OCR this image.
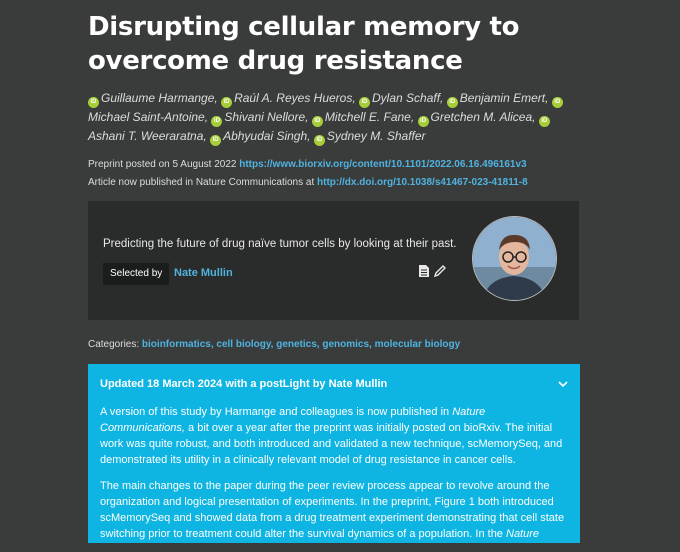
Disrupting cellular memory to overcome drug resistance
iD Guillaume Harmange, iD Raúl A. Reyes Hueros, iD Dylan Schaff, iD Benjamin Emert, iDMichael Saint-Antoine, iD Shivani Nellore, iD Mitchell E. Fane, iD Gretchen M. Alicea, iDAshani T. Weeraratna, iD Abhyudai Singh, iD Sydney M. Shaffer
Preprint posted on 5 August 2022 https://www.biorxiv.org/content/10.1101/2022.06.16.496161v3
Article now published in Nature Communications at http://dx.doi.org/10.1038/s41467-023-41811-8
Predicting the future of drug naïve tumor cells by looking at their past.
Selected by	Nate Mullin
Categories: bioinformatics, cell biology, genetics, genomics, molecular biology
Updated 18 March 2024 with a postLight by Nate Mullin

A version of this study by Harmange and colleagues is now published in Nature Communications, a bit over a year after the preprint was initially posted on bioRxiv. The initial work was quite robust, and both introduced and validated a new technique, scMemorySeq, and demonstrated its utility in a clinically relevant model of drug resistance in cancer cells.

The main changes to the paper during the peer review process appear to revolve around the organization and logical presentation of experiments. In the preprint, Figure 1 both introduced scMemorySeq and showed data from a drug treatment experiment demonstrating that cell state switching prior to treatment could alter the survival dynamics of a population. In the Nature
